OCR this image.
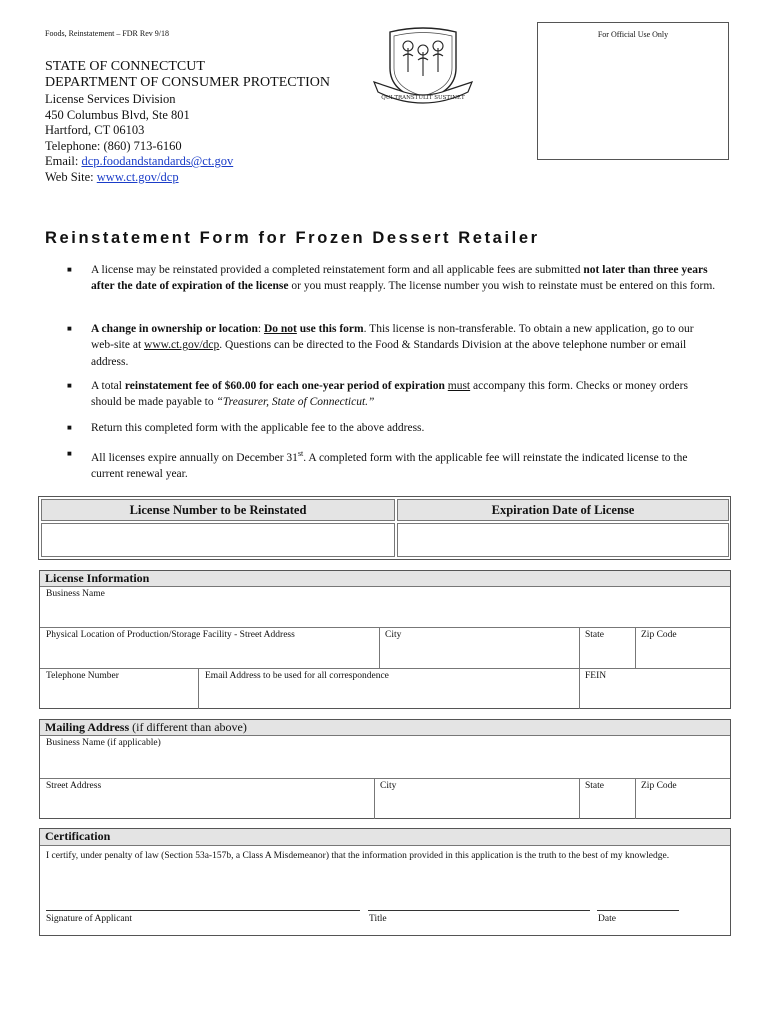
Foods, Reinstatement – FDR Rev 9/18	For Official Use Only
STATE OF CONNECTCUT
DEPARTMENT OF CONSUMER PROTECTION
License Services Division
450 Columbus Blvd, Ste 801
Hartford, CT 06103
Telephone: (860) 713-6160
Email: dcp.foodandstandards@ct.gov
Web Site: www.ct.gov/dcp
QUI TRANSTULIT SUSTINET
Reinstatement Form for Frozen Dessert Retailer
■ A license may be reinstated provided a completed reinstatement form and all applicable fees are submitted not later than three years after the date of expiration of the license or you must reapply. The license number you wish to reinstate must be entered on this form.
■ A change in ownership or location: Do not use this form. This license is non-transferable. To obtain a new application, go to our web-site at www.ct.gov/dcp. Questions can be directed to the Food & Standards Division at the above telephone number or email address.
■ A total reinstatement fee of $60.00 for each one-year period of expiration must accompany this form. Checks or money orders should be made payable to “Treasurer, State of Connecticut.”
■ Return this completed form with the applicable fee to the above address.
■ All licenses expire annually on December 31st. A completed form with the applicable fee will reinstate the indicated license to the current renewal year.
License Number to be Reinstated	Expiration Date of License
License Information
Business Name
Physical Location of Production/Storage Facility - Street Address	City	State	Zip Code
Telephone Number	Email Address to be used for all correspondence	FEIN
Mailing Address (if different than above)
Business Name (if applicable)
Street Address	City	State	Zip Code
Certification
I certify, under penalty of law (Section 53a-157b, a Class A Misdemeanor) that the information provided in this application is the truth to the best of my knowledge.
Signature of Applicant	Title	Date
